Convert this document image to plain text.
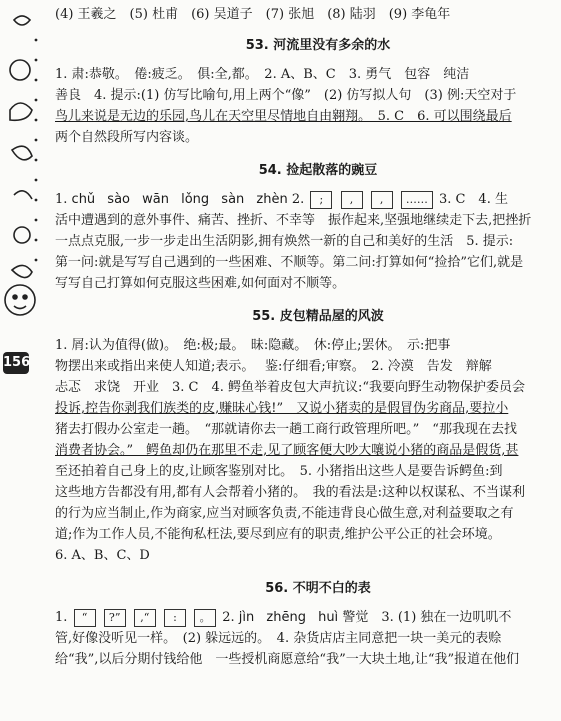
156
(4) 王羲之　(5) 杜甫　(6) 吴道子　(7) 张旭　(8) 陆羽　(9) 李龟年
53. 河流里没有多余的水
1. 肃:恭敬。　倦:疲乏。　俱:全,都。　2. A、B、C　3. 勇气　包容　纯洁
善良　4. 提示:(1) 仿写比喻句,用上两个“像”　(2) 仿写拟人句　(3) 例:天空对于
鸟儿来说是无边的乐园,鸟儿在天空里尽情地自由翱翔。　5. C　6. 可以围绕最后
两个自然段所写内容谈。
54. 捡起散落的豌豆
1. chǔ sào wān lǒng sàn zhèn 2. ; , , …… 3. C　4. 生
活中遭遇到的意外事件、痛苦、挫折、不幸等　振作起来,坚强地继续走下去,把挫折
一点点克服,一步一步走出生活阴影,拥有焕然一新的自己和美好的生活　5. 提示:
第一问:就是写写自己遇到的一些困难、不顺等。第二问:打算如何“捡拾”它们,就是
写写自己打算如何克服这些困难,如何面对不顺等。
55. 皮包精品屋的风波
1. 屑:认为值得(做)。　绝:极;最。　昧:隐藏。　休:停止;罢休。　示:把事
物摆出来或指出来使人知道;表示。　 鉴:仔细看;审察。　2. 冷漠　告发　辩解
忐忑　求饶　开业　3. C　4. 鳄鱼举着皮包大声抗议:“我要向野生动物保护委员会
投诉,控告你剥我们族类的皮,赚昧心钱!”　又说小猪卖的是假冒伪劣商品,要拉小
猪去打假办公室走一趟。　“那就请你去一趟工商行政管理所吧。”　“那我现在去找
消费者协会。”　鳄鱼却仍在那里不走,见了顾客便大吵大嚷说小猪的商品是假货,甚
至还拍着自己身上的皮,让顾客鉴别对比。　5. 小猪指出这些人是要告诉鳄鱼:到
这些地方告都没有用,都有人会帮着小猪的。　我的看法是:这种以权谋私、不当谋利
的行为应当制止,作为商家,应当对顾客负责,不能违背良心做生意,对利益要取之有
道;作为工作人员,不能徇私枉法,要尽到应有的职责,维护公平公正的社会环境。
6. A、B、C、D
56. 不明不白的表
1. “ ?” ,“ : 。 2. jìn zhēng huì 警觉　3. (1) 独在一边叽叽不
管,好像没听见一样。　(2) 躲远远的。　4. 杂货店店主同意把一块一美元的表赊
给“我”,以后分期付钱给他　一些授机商愿意给“我”一大块土地,让“我”报道在他们
